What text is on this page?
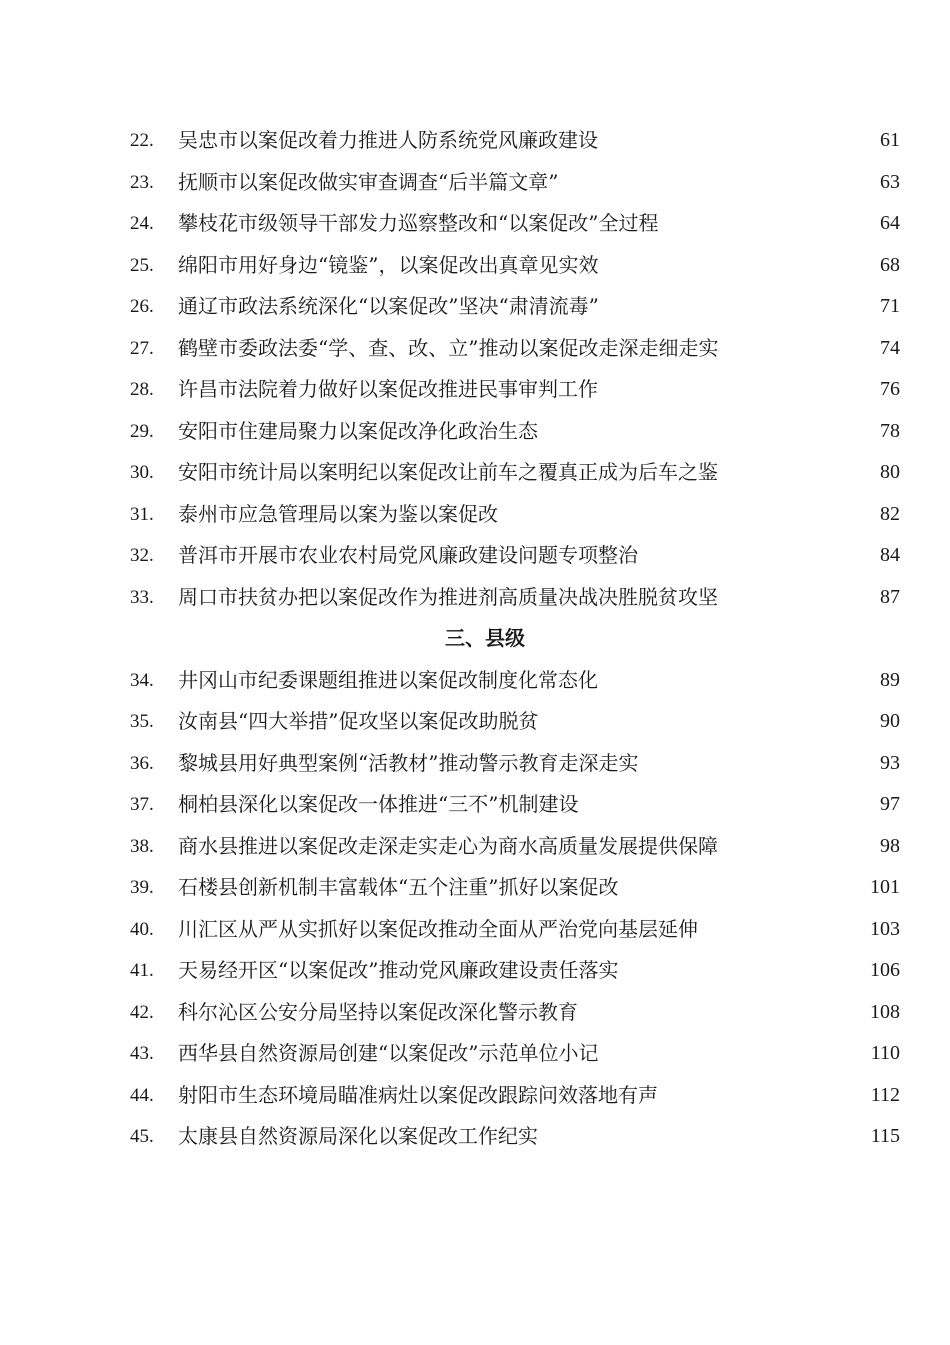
22.	吴忠市以案促改着力推进人防系统党风廉政建设	61
23.	抚顺市以案促改做实审查调查“后半篇文章”	63
24.	攀枝花市级领导干部发力巡察整改和“以案促改”全过程	64
25.	绵阳市用好身边“镜鉴”，以案促改出真章见实效	68
26.	通辽市政法系统深化“以案促改”坚决“肃清流毒”	71
27.	鹤壁市委政法委“学、查、改、立”推动以案促改走深走细走实	74
28.	许昌市法院着力做好以案促改推进民事审判工作	76
29.	安阳市住建局聚力以案促改净化政治生态	78
30.	安阳市统计局以案明纪以案促改让前车之覆真正成为后车之鉴	80
31.	泰州市应急管理局以案为鉴以案促改	82
32.	普洱市开展市农业农村局党风廉政建设问题专项整治	84
33.	周口市扶贫办把以案促改作为推进剂高质量决战决胜脱贫攻坚	87
三、县级
34.	井冈山市纪委课题组推进以案促改制度化常态化	89
35.	汝南县“四大举措”促攻坚以案促改助脱贫	90
36.	黎城县用好典型案例“活教材”推动警示教育走深走实	93
37.	桐柏县深化以案促改一体推进“三不”机制建设	97
38.	商水县推进以案促改走深走实走心为商水高质量发展提供保障	98
39.	石楼县创新机制丰富载体“五个注重”抓好以案促改	101
40.	川汇区从严从实抓好以案促改推动全面从严治党向基层延伸	103
41.	天易经开区“以案促改”推动党风廉政建设责任落实	106
42.	科尔沁区公安分局坚持以案促改深化警示教育	108
43.	西华县自然资源局创建“以案促改”示范单位小记	110
44.	射阳市生态环境局瞄准病灶以案促改跟踪问效落地有声	112
45.	太康县自然资源局深化以案促改工作纪实	115
